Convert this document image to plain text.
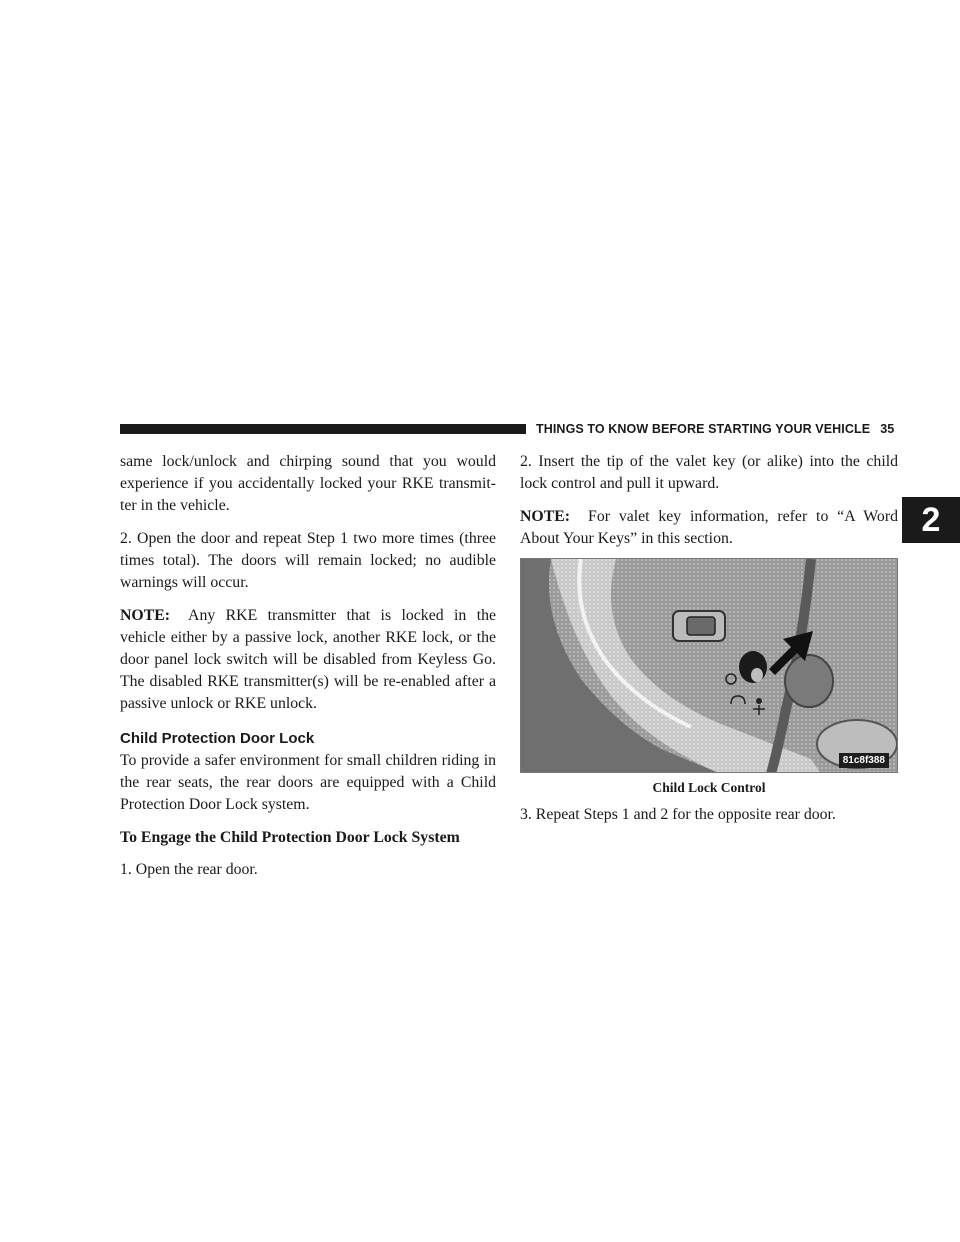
THINGS TO KNOW BEFORE STARTING YOUR VEHICLE 35
2

same lock/unlock and chirping sound that you would experience if you accidentally locked your RKE transmit-ter in the vehicle.

2. Open the door and repeat Step 1 two more times (three times total). The doors will remain locked; no audible warnings will occur.

NOTE: Any RKE transmitter that is locked in the vehicle either by a passive lock, another RKE lock, or the door panel lock switch will be disabled from Keyless Go. The disabled RKE transmitter(s) will be re-enabled after a passive unlock or RKE unlock.

Child Protection Door Lock

To provide a safer environment for small children riding in the rear seats, the rear doors are equipped with a Child Protection Door Lock system.

To Engage the Child Protection Door Lock System

1. Open the rear door.

2. Insert the tip of the valet key (or alike) into the child lock control and pull it upward.

NOTE: For valet key information, refer to “A Word About Your Keys” in this section.

81c8f388
Child Lock Control

3. Repeat Steps 1 and 2 for the opposite rear door.
